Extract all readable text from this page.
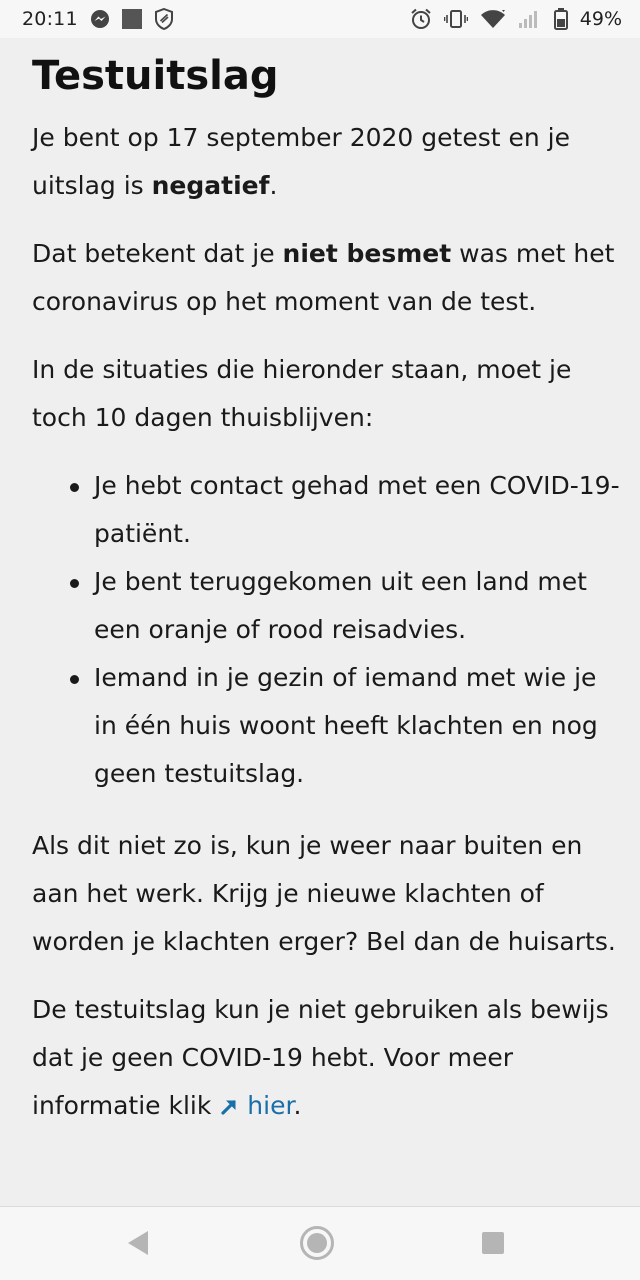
20:11	49%
Testuitslag

Je bent op 17 september 2020 getest en je uitslag is negatief.

Dat betekent dat je niet besmet was met het coronavirus op het moment van de test.

In de situaties die hieronder staan, moet je toch 10 dagen thuisblijven:

Je hebt contact gehad met een COVID-19-patiënt.
Je bent teruggekomen uit een land met een oranje of rood reisadvies.
Iemand in je gezin of iemand met wie je in één huis woont heeft klachten en nog geen testuitslag.

Als dit niet zo is, kun je weer naar buiten en aan het werk. Krijg je nieuwe klachten of worden je klachten erger? Bel dan de huisarts.

De testuitslag kun je niet gebruiken als bewijs dat je geen COVID-19 hebt. Voor meer informatie klik hier.
